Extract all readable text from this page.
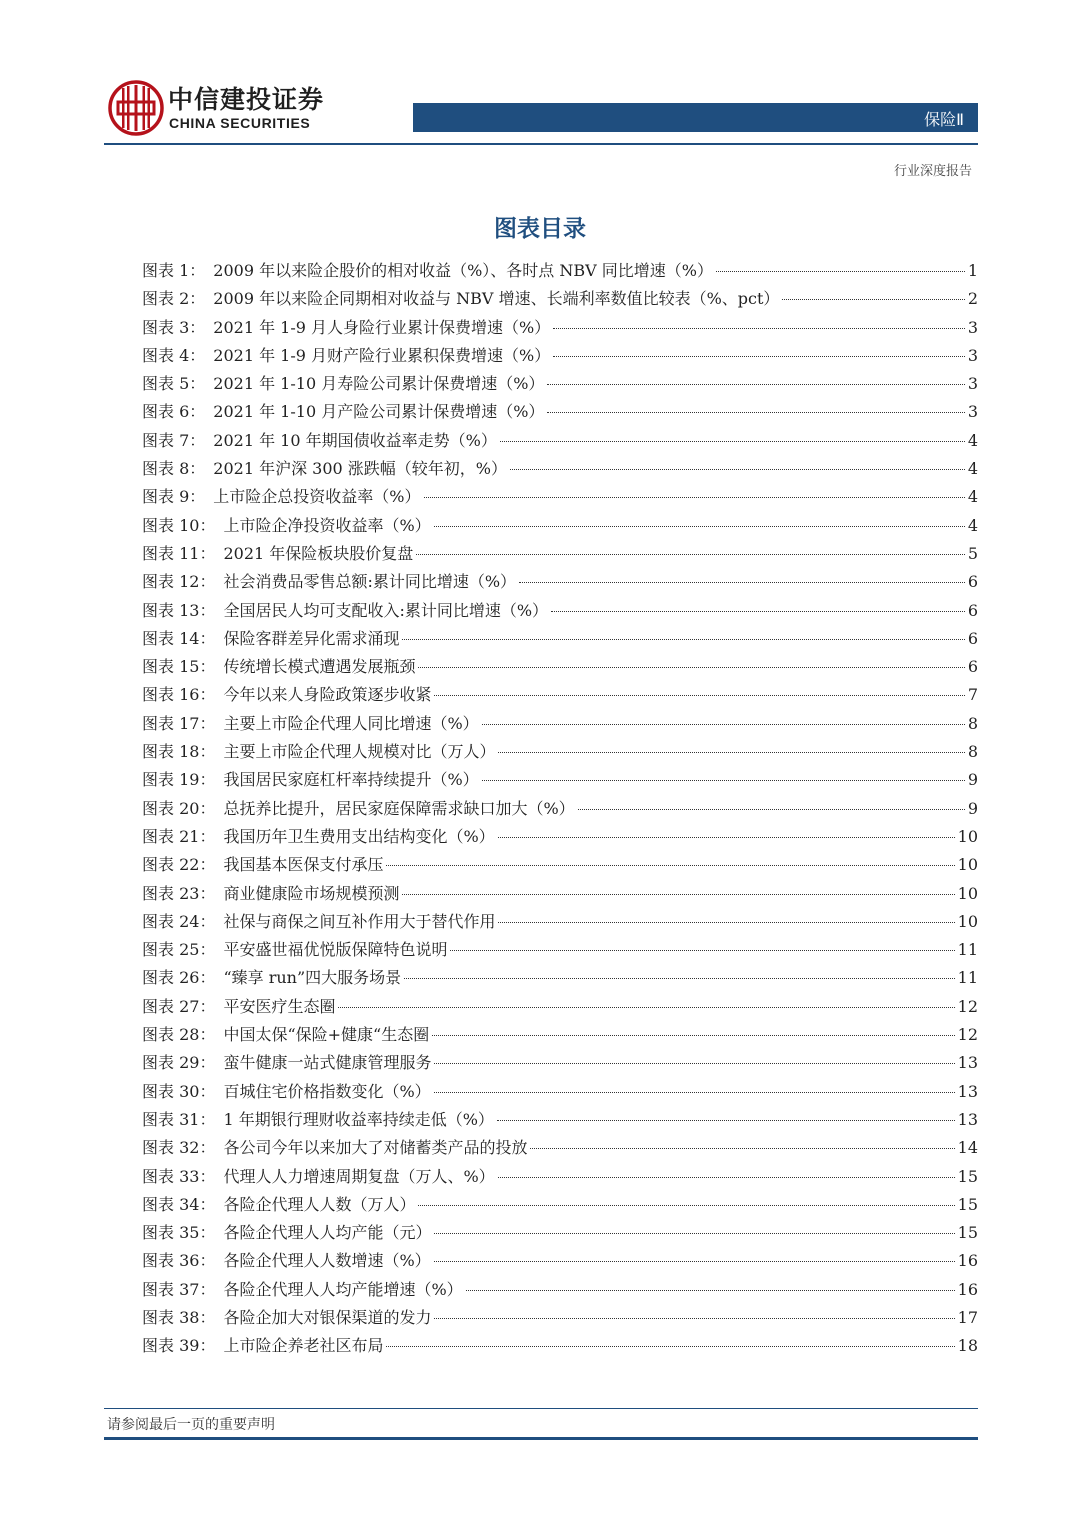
中信建投证券
CHINA SECURITIES	保险Ⅱ
行业深度报告
图表目录
图表 1： 2009 年以来险企股价的相对收益（%）、各时点 NBV 同比增速（%）	1
图表 2： 2009 年以来险企同期相对收益与 NBV 增速、长端利率数值比较表（%、pct）	2
图表 3： 2021 年 1-9 月人身险行业累计保费增速（%）	3
图表 4： 2021 年 1-9 月财产险行业累积保费增速（%）	3
图表 5： 2021 年 1-10 月寿险公司累计保费增速（%）	3
图表 6： 2021 年 1-10 月产险公司累计保费增速（%）	3
图表 7： 2021 年 10 年期国债收益率走势（%）	4
图表 8： 2021 年沪深 300 涨跌幅（较年初，%）	4
图表 9： 上市险企总投资收益率（%）	4
图表 10： 上市险企净投资收益率（%）	4
图表 11： 2021 年保险板块股价复盘	5
图表 12： 社会消费品零售总额:累计同比增速（%）	6
图表 13： 全国居民人均可支配收入:累计同比增速（%）	6
图表 14： 保险客群差异化需求涌现	6
图表 15： 传统增长模式遭遇发展瓶颈	6
图表 16： 今年以来人身险政策逐步收紧	7
图表 17： 主要上市险企代理人同比增速（%）	8
图表 18： 主要上市险企代理人规模对比（万人）	8
图表 19： 我国居民家庭杠杆率持续提升（%）	9
图表 20： 总抚养比提升，居民家庭保障需求缺口加大（%）	9
图表 21： 我国历年卫生费用支出结构变化（%）	10
图表 22： 我国基本医保支付承压	10
图表 23： 商业健康险市场规模预测	10
图表 24： 社保与商保之间互补作用大于替代作用	10
图表 25： 平安盛世福优悦版保障特色说明	11
图表 26： “臻享 run”四大服务场景	11
图表 27： 平安医疗生态圈	12
图表 28： 中国太保“保险+健康“生态圈	12
图表 29： 蛮牛健康一站式健康管理服务	13
图表 30： 百城住宅价格指数变化（%）	13
图表 31： 1 年期银行理财收益率持续走低（%）	13
图表 32： 各公司今年以来加大了对储蓄类产品的投放	14
图表 33： 代理人人力增速周期复盘（万人、%）	15
图表 34： 各险企代理人人数（万人）	15
图表 35： 各险企代理人人均产能（元）	15
图表 36： 各险企代理人人数增速（%）	16
图表 37： 各险企代理人人均产能增速（%）	16
图表 38： 各险企加大对银保渠道的发力	17
图表 39： 上市险企养老社区布局	18
请参阅最后一页的重要声明
